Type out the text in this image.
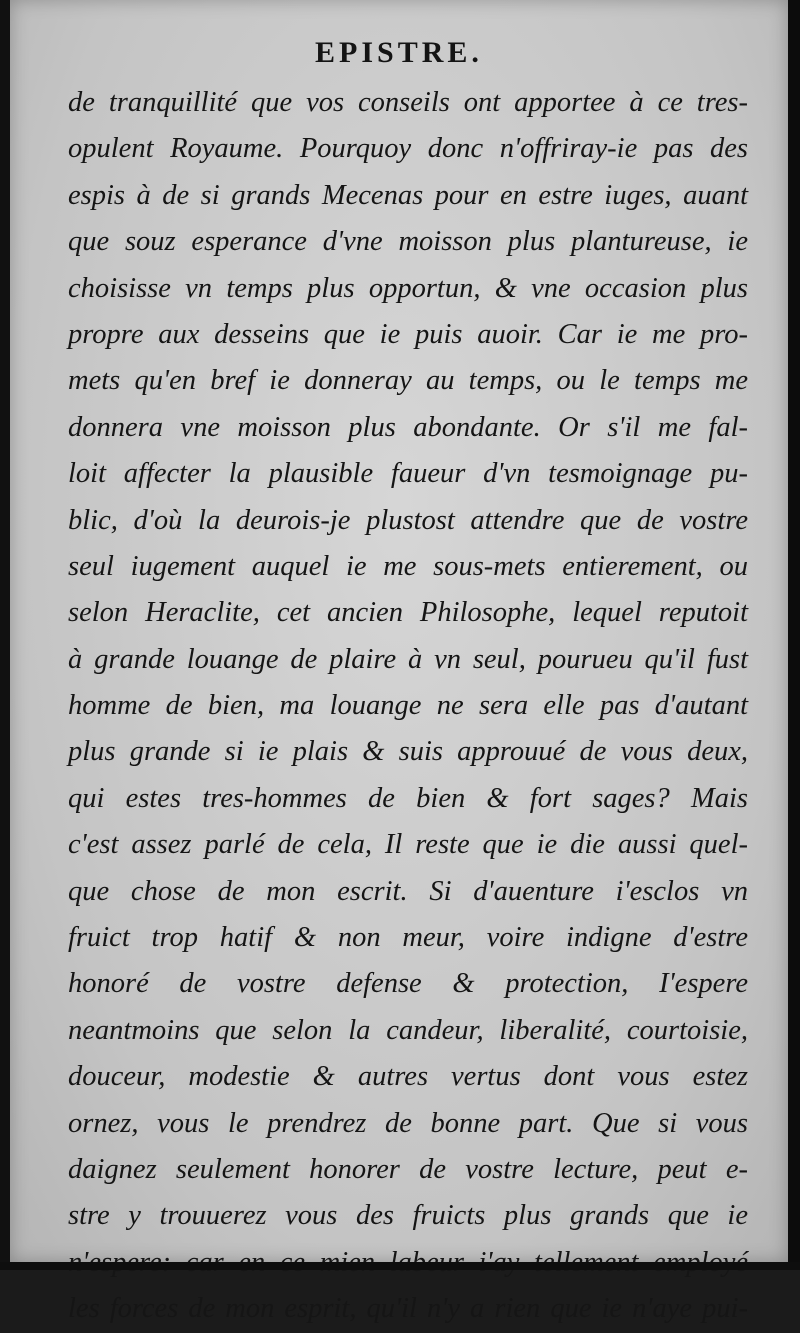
EPISTRE.
de tranquillité que vos conseils ont apportee à ce tres-
opulent Royaume. Pourquoy donc n'offriray-ie pas des
espis à de si grands Mecenas pour en estre iuges, auant
que souz esperance d'vne moisson plus plantureuse, ie
choisisse vn temps plus opportun, & vne occasion plus
propre aux desseins que ie puis auoir. Car ie me pro-
mets qu'en bref ie donneray au temps, ou le temps me
donnera vne moisson plus abondante. Or s'il me fal-
loit affecter la plausible faueur d'vn tesmoignage pu-
blic, d'où la deurois-je plustost attendre que de vostre
seul iugement auquel ie me sous-mets entierement, ou
selon Heraclite, cet ancien Philosophe, lequel reputoit
à grande louange de plaire à vn seul, pourueu qu'il fust
homme de bien, ma louange ne sera elle pas d'autant
plus grande si ie plais & suis approuué de vous deux,
qui estes tres-hommes de bien & fort sages? Mais
c'est assez parlé de cela, Il reste que ie die aussi quel-
que chose de mon escrit. Si d'auenture i'esclos vn
fruict trop hatif & non meur, voire indigne d'estre
honoré de vostre defense & protection, I'espere
neantmoins que selon la candeur, liberalité, courtoisie,
douceur, modestie & autres vertus dont vous estez
ornez, vous le prendrez de bonne part. Que si vous
daignez seulement honorer de vostre lecture, peut e-
stre y trouuerez vous des fruicts plus grands que ie
les forces de mon esprit, qu'il n'y a rien que ie n'aye pui-
